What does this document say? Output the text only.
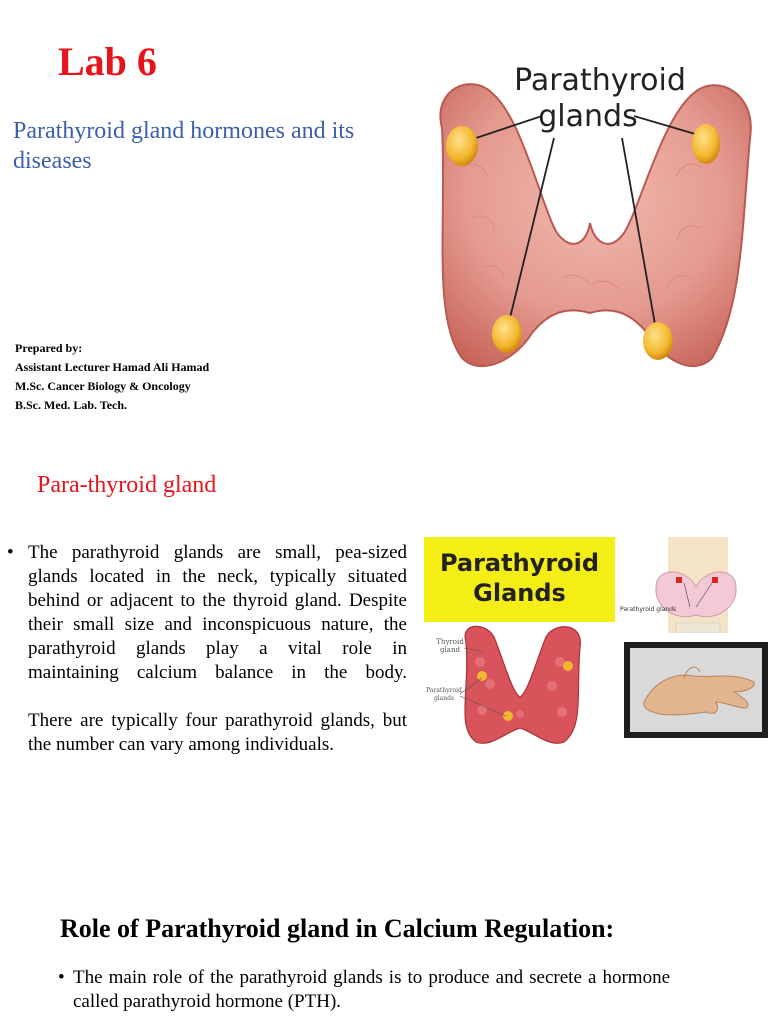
Lab 6
Parathyroid gland hormones and its diseases
Prepared by:
Assistant Lecturer Hamad Ali Hamad
M.Sc. Cancer Biology & Oncology
B.Sc. Med. Lab. Tech.
Parathyroid
glands
Para-thyroid gland
• The parathyroid glands are small, pea-sized glands located in the neck, typically situated behind or adjacent to the thyroid gland. Despite their small size and inconspicuous nature, the parathyroid glands play a vital role in maintaining calcium balance in the body.
There are typically four parathyroid glands, but the number can vary among individuals.
Parathyroid
Glands
Thyroid
gland
Parathyroid
glands
Parathyroid glands
Role of Parathyroid gland in Calcium Regulation:
• The main role of the parathyroid glands is to produce and secrete a hormone called parathyroid hormone (PTH).
